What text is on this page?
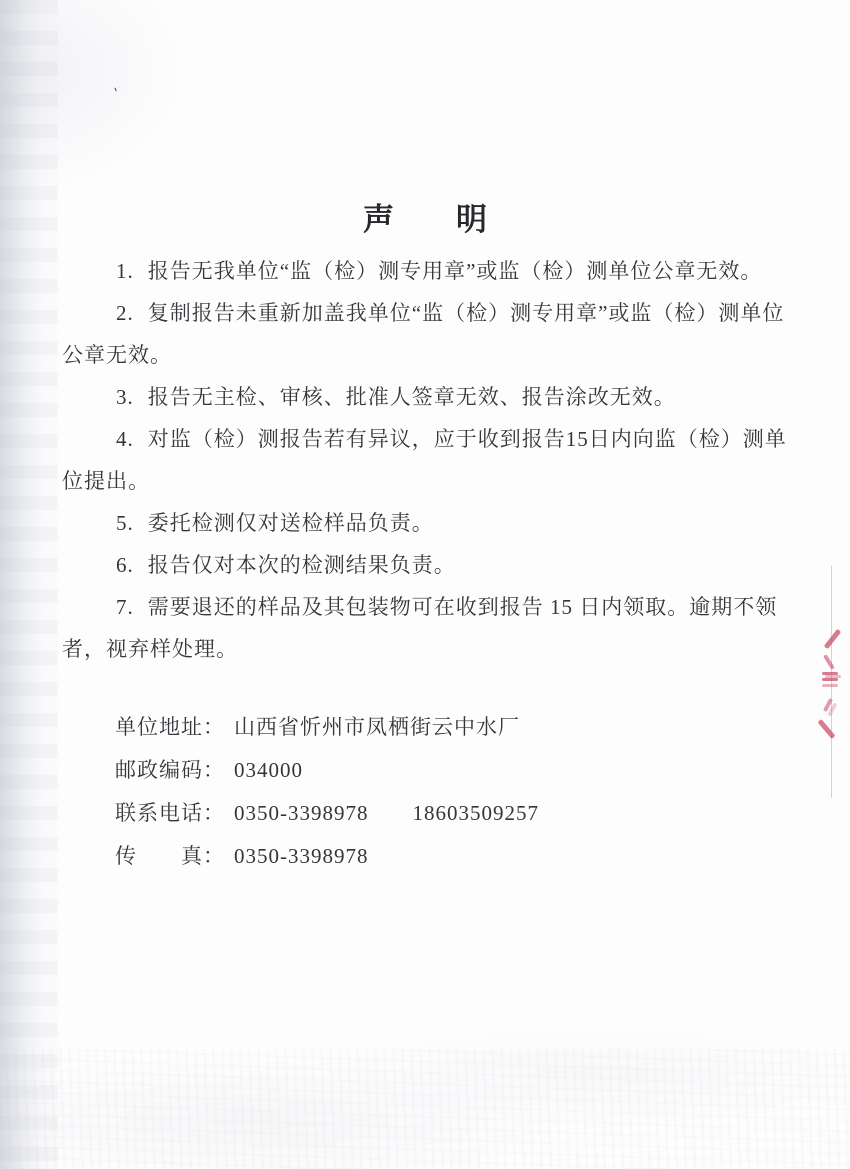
`
声　　明

1. 报告无我单位“监（检）测专用章”或监（检）测单位公章无效。

2. 复制报告未重新加盖我单位“监（检）测专用章”或监（检）测单位公章无效。

3. 报告无主检、审核、批准人签章无效、报告涂改无效。

4. 对监（检）测报告若有异议，应于收到报告15日内向监（检）测单位提出。

5. 委托检测仅对送检样品负责。

6. 报告仅对本次的检测结果负责。

7. 需要退还的样品及其包装物可在收到报告 15 日内领取。逾期不领者，视弃样处理。

单位地址： 山西省忻州市凤栖街云中水厂
邮政编码： 034000
联系电话： 0350-3398978　　18603509257
传　　真： 0350-3398978
